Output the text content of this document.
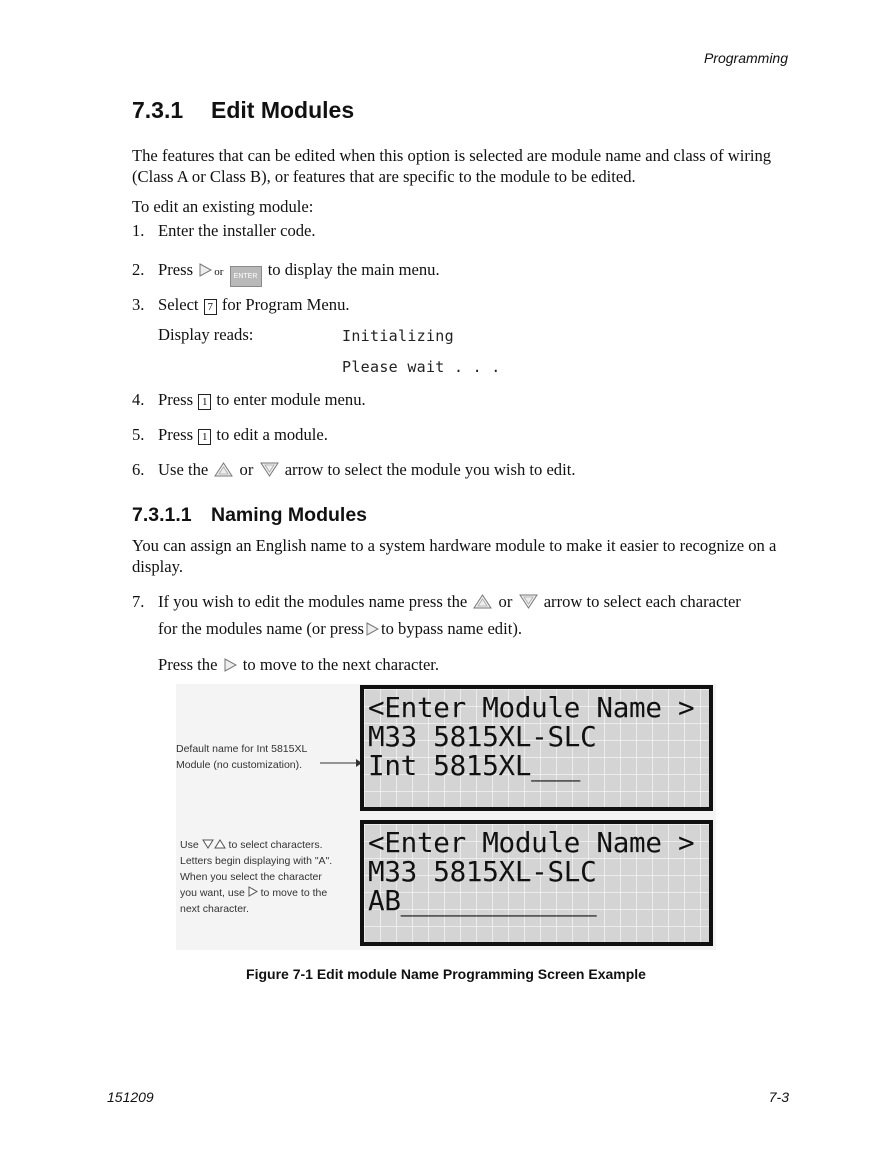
Programming
7.3.1 Edit Modules
The features that can be edited when this option is selected are module name and class of wiring (Class A or Class B), or features that are specific to the module to be edited.
To edit an existing module:
1. Enter the installer code.
2. Press or ENTER to display the main menu.
3. Select 7 for Program Menu.
Display reads:	Initializing
Please wait . . .
4. Press 1 to enter module menu.
5. Press 1 to edit a module.
6. Use the or arrow to select the module you wish to edit.
7.3.1.1 Naming Modules
You can assign an English name to a system hardware module to make it easier to recognize on a display.
7. If you wish to edit the modules name press the or arrow to select each character
for the modules name (or press to bypass name edit).
Press the to move to the next character.
Default name for Int 5815XL
Module (no customization).
<Enter Module Name >
M33 5815XL-SLC
Int 5815XL___
Use	to select characters.
Letters begin displaying with "A".
When you select the character
you want, use to move to the
next character.
<Enter Module Name >
M33 5815XL-SLC
AB____________
Figure 7-1 Edit module Name Programming Screen Example
151209	7-3
